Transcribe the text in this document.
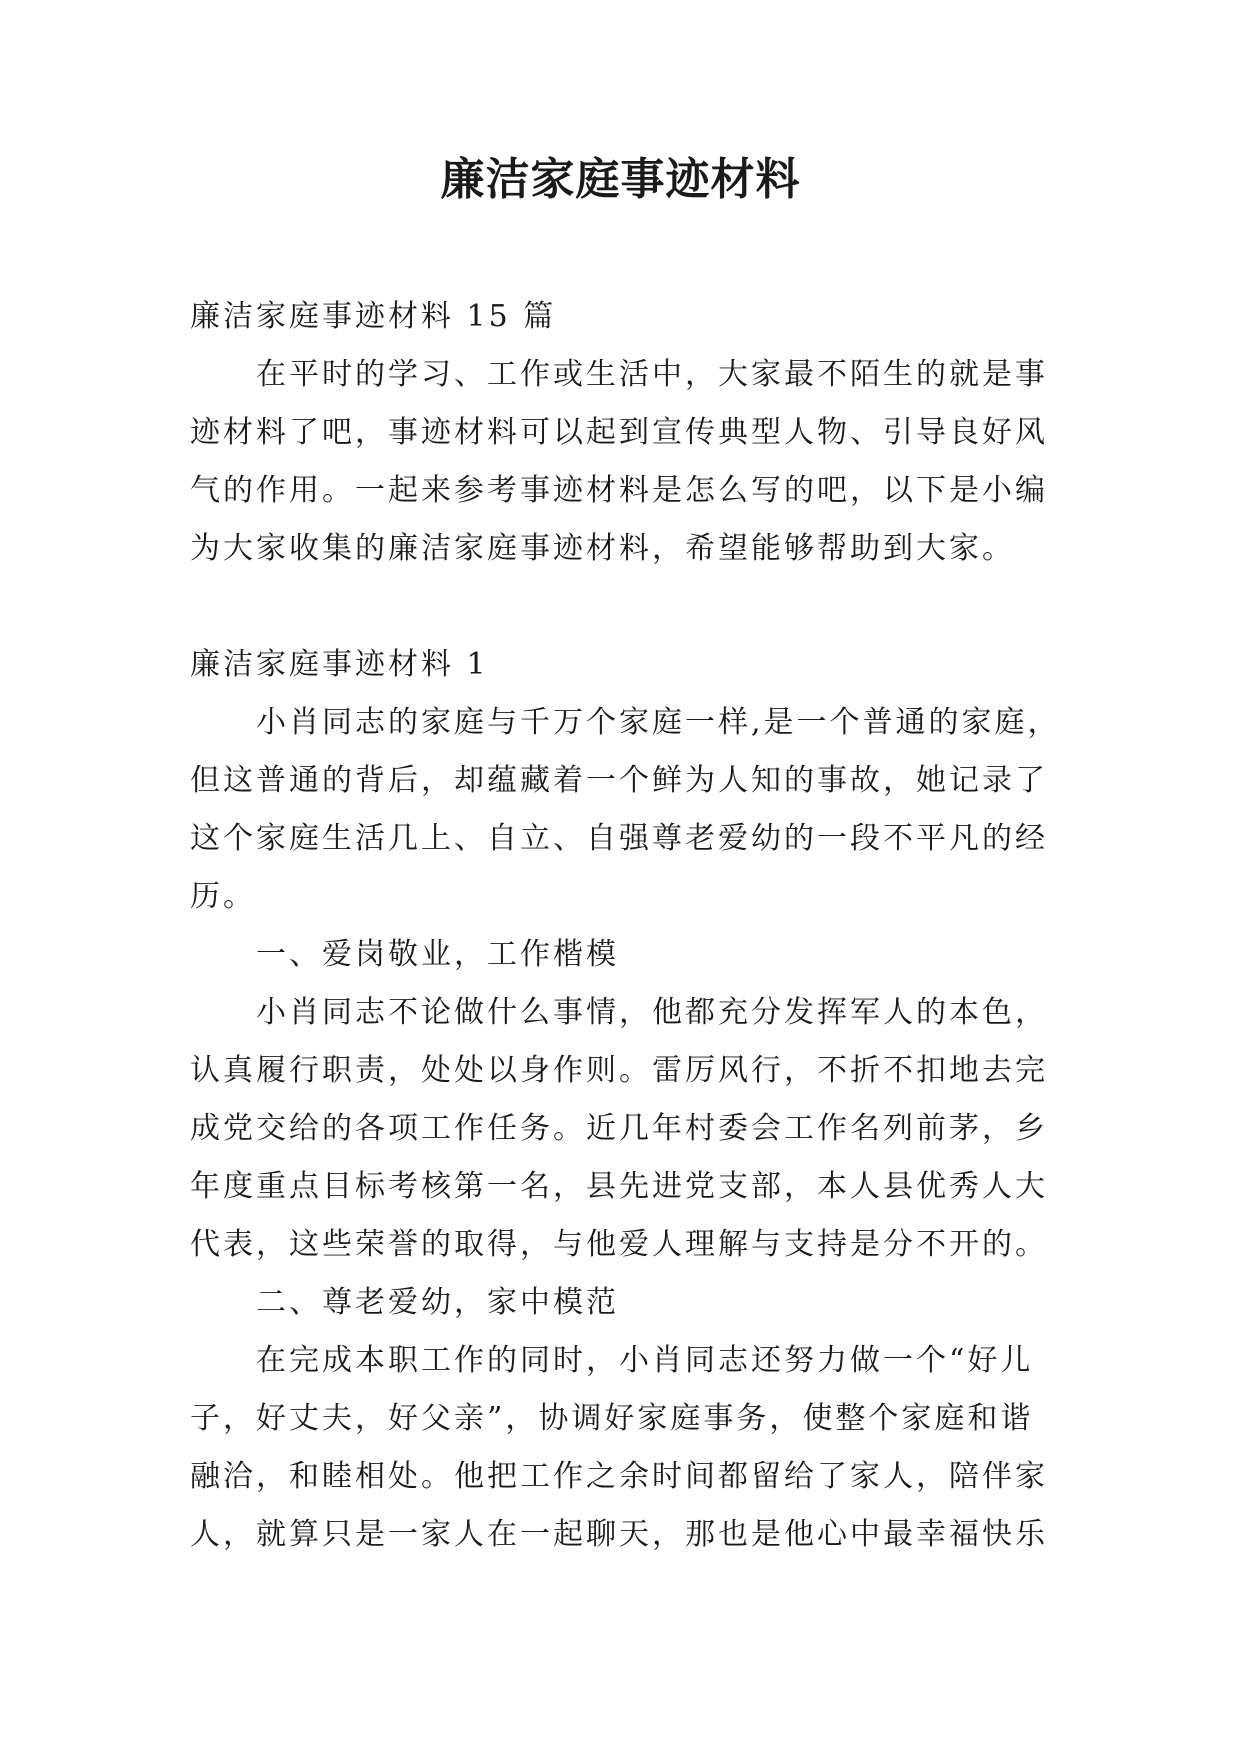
廉洁家庭事迹材料

廉洁家庭事迹材料 15 篇

在平时的学习、工作或生活中，大家最不陌生的就是事

迹材料了吧，事迹材料可以起到宣传典型人物、引导良好风

气的作用。一起来参考事迹材料是怎么写的吧，以下是小编

为大家收集的廉洁家庭事迹材料，希望能够帮助到大家。

廉洁家庭事迹材料 1

小肖同志的家庭与千万个家庭一样,是一个普通的家庭，

但这普通的背后，却蕴藏着一个鲜为人知的事故，她记录了

这个家庭生活几上、自立、自强尊老爱幼的一段不平凡的经

历。

一、爱岗敬业，工作楷模

小肖同志不论做什么事情，他都充分发挥军人的本色，

认真履行职责，处处以身作则。雷厉风行，不折不扣地去完

成党交给的各项工作任务。近几年村委会工作名列前茅，乡

年度重点目标考核第一名，县先进党支部，本人县优秀人大

代表，这些荣誉的取得，与他爱人理解与支持是分不开的。

二、尊老爱幼，家中模范

在完成本职工作的同时，小肖同志还努力做一个“好儿

子，好丈夫，好父亲”，协调好家庭事务，使整个家庭和谐

融洽，和睦相处。他把工作之余时间都留给了家人，陪伴家

人，就算只是一家人在一起聊天，那也是他心中最幸福快乐
